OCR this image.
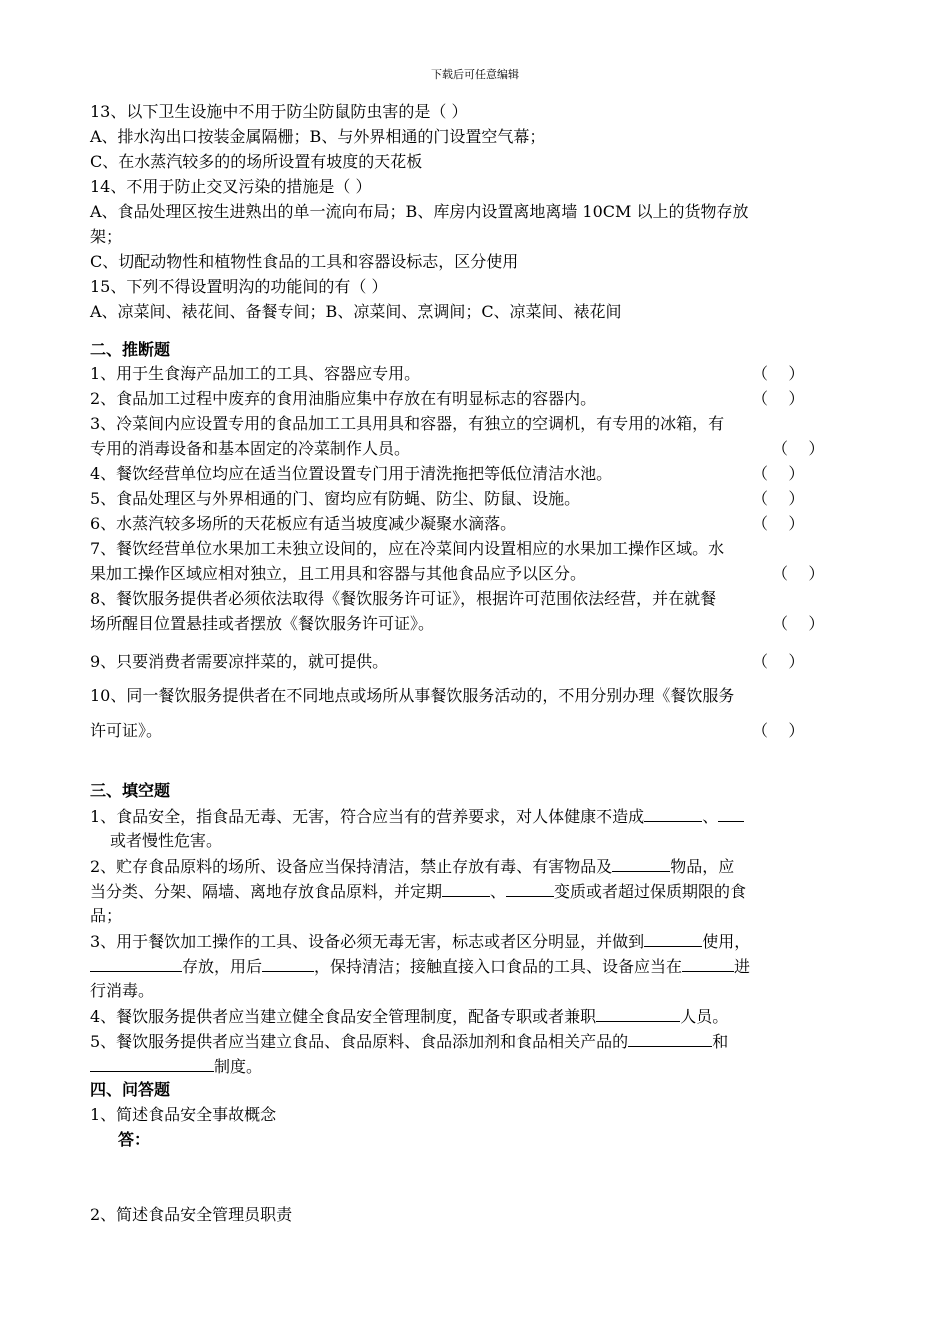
下载后可任意编辑
13、以下卫生设施中不用于防尘防鼠防虫害的是（ ）
A、排水沟出口按装金属隔栅；B、与外界相通的门设置空气幕；
C、在水蒸汽较多的的场所设置有坡度的天花板
14、不用于防止交叉污染的措施是（ ）
A、食品处理区按生进熟出的单一流向布局；B、库房内设置离地离墙 10CM 以上的货物存放
架；
C、切配动物性和植物性食品的工具和容器设标志，区分使用
15、下列不得设置明沟的功能间的有（ ）
A、凉菜间、裱花间、备餐专间；B、凉菜间、烹调间；C、凉菜间、裱花间
二、推断题
1、用于生食海产品加工的工具、容器应专用。	（    ）
2、食品加工过程中废弃的食用油脂应集中存放在有明显标志的容器内。	（    ）
3、冷菜间内应设置专用的食品加工工具用具和容器，有独立的空调机，有专用的冰箱，有
专用的消毒设备和基本固定的冷菜制作人员。	（    ）
4、餐饮经营单位均应在适当位置设置专门用于清洗拖把等低位清洁水池。	（    ）
5、食品处理区与外界相通的门、窗均应有防蝇、防尘、防鼠、设施。	（    ）
6、水蒸汽较多场所的天花板应有适当坡度减少凝聚水滴落。	（    ）
7、餐饮经营单位水果加工未独立设间的，应在冷菜间内设置相应的水果加工操作区域。水
果加工操作区域应相对独立，且工用具和容器与其他食品应予以区分。	（    ）
8、餐饮服务提供者必须依法取得《餐饮服务许可证》，根据许可范围依法经营，并在就餐
场所醒目位置悬挂或者摆放《餐饮服务许可证》。	（    ）
9、只要消费者需要凉拌菜的，就可提供。	（    ）
10、同一餐饮服务提供者在不同地点或场所从事餐饮服务活动的，不用分别办理《餐饮服务
许可证》。	（    ）
三、填空题
1、食品安全，指食品无毒、无害，符合应当有的营养要求，对人体健康不造成	、
或者慢性危害。
2、贮存食品原料的场所、设备应当保持清洁，禁止存放有毒、有害物品及	物品，应
当分类、分架、隔墙、离地存放食品原料，并定期	、	变质或者超过保质期限的食
品；
3、用于餐饮加工操作的工具、设备必须无毒无害，标志或者区分明显，并做到	使用，
存放，用后	，保持清洁；接触直接入口食品的工具、设备应当在	进
行消毒。
4、餐饮服务提供者应当建立健全食品安全管理制度，配备专职或者兼职	人员。
5、餐饮服务提供者应当建立食品、食品原料、食品添加剂和食品相关产品的	和
制度。
四、问答题
1、简述食品安全事故概念
答：
2、简述食品安全管理员职责
